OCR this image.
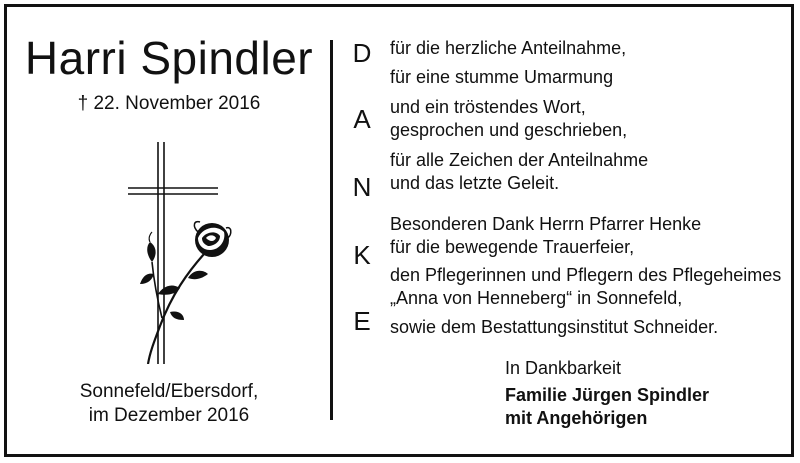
Harri Spindler
† 22. November 2016
Sonnefeld/Ebersdorf,
im Dezember 2016
D
A
N
K
E
für die herzliche Anteilnahme,
für eine stumme Umarmung
und ein tröstendes Wort,
gesprochen und geschrieben,
für alle Zeichen der Anteilnahme
und das letzte Geleit.
Besonderen Dank Herrn Pfarrer Henke
für die bewegende Trauerfeier,
den Pflegerinnen und Pflegern des Pflegeheimes
„Anna von Henneberg“ in Sonnefeld,
sowie dem Bestattungsinstitut Schneider.
In Dankbarkeit
Familie Jürgen Spindler
mit Angehörigen
